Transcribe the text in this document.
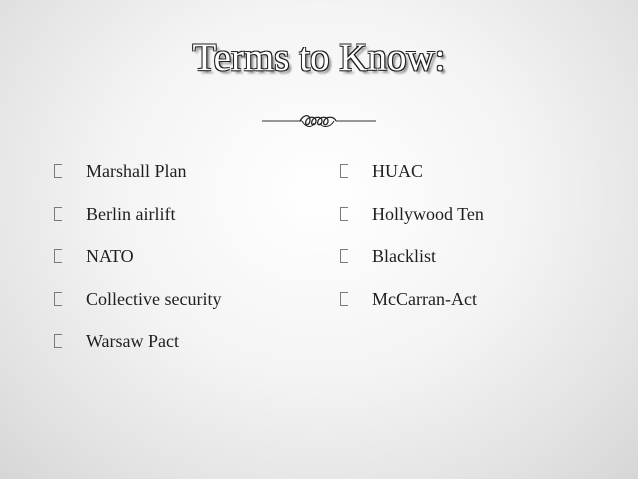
Terms to Know:
Marshall Plan
Berlin airlift
NATO
Collective security
Warsaw Pact
HUAC
Hollywood Ten
Blacklist
McCarran-Act
